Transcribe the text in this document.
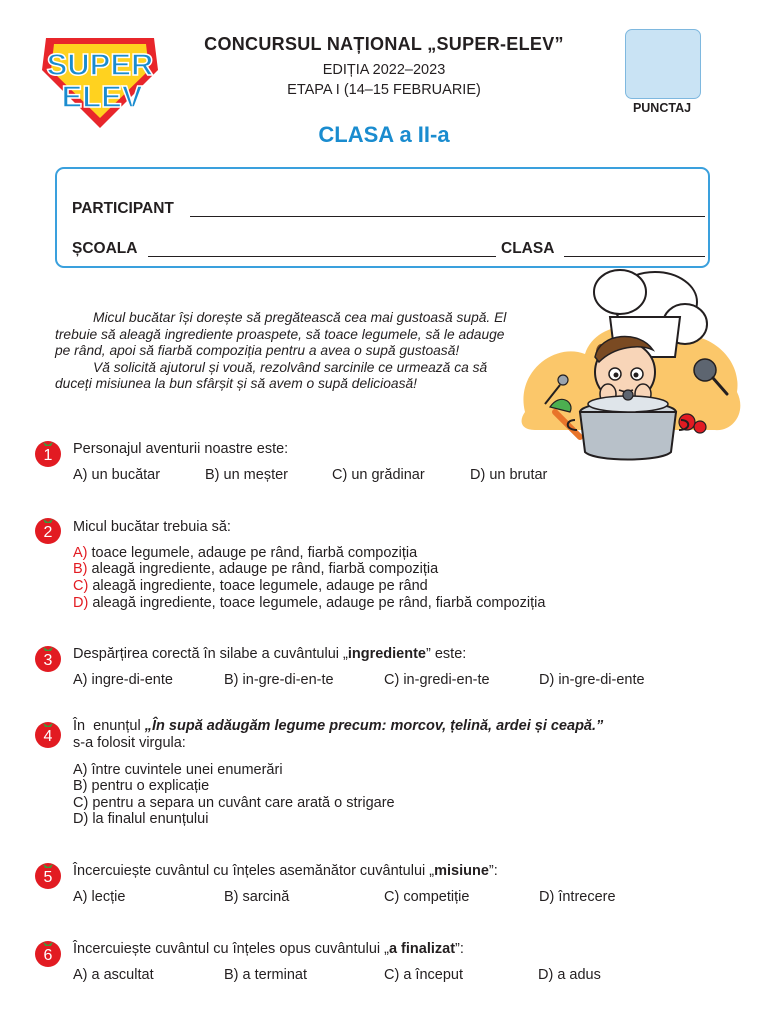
SUPER
ELEV
CONCURSUL NAȚIONAL „SUPER-ELEV”
EDIȚIA 2022–2023
ETAPA I (14–15 FEBRUARIE)
PUNCTAJ
CLASA a II-a
PARTICIPANT
ȘCOALA	CLASA

Micul bucătar își dorește să pregătească cea mai gustoasă supă. El trebuie să aleagă ingrediente proaspete, să toace legumele, să le adauge pe rând, apoi să fiarbă compoziția pentru a avea o supă gustoasă!

Vă solicită ajutorul și vouă, rezolvând sarcinile ce urmează ca să duceți misiunea la bun sfârșit și să avem o supă delicioasă!

1 Personajul aventurii noastre este:
A) un bucătar	B) un meșter	C) un grădinar	D) un brutar
2 Micul bucătar trebuia să:
A) toace legumele, adauge pe rând, fiarbă compoziția
B) aleagă ingrediente, adauge pe rând, fiarbă compoziția
C) aleagă ingrediente, toace legumele, adauge pe rând
D) aleagă ingrediente, toace legumele, adauge pe rând, fiarbă compoziția
3 Despărțirea corectă în silabe a cuvântului „ingrediente” este:
A) ingre-di-ente	B) in-gre-di-en-te	C) in-gredi-en-te	D) in-gre-di-ente
4
În  enunțul „În supă adăugăm legume precum: morcov, țelină, ardei și ceapă.”
s-a folosit virgula:
A) între cuvintele unei enumerări
B) pentru o explicație
C) pentru a separa un cuvânt care arată o strigare
D) la finalul enunțului
5 Încercuiește cuvântul cu înțeles asemănător cuvântului „misiune”:
A) lecție	B) sarcină	C) competiție	D) întrecere
6 Încercuiește cuvântul cu înțeles opus cuvântului „a finalizat”:
A) a ascultat	B) a terminat	C) a început	D) a adus
